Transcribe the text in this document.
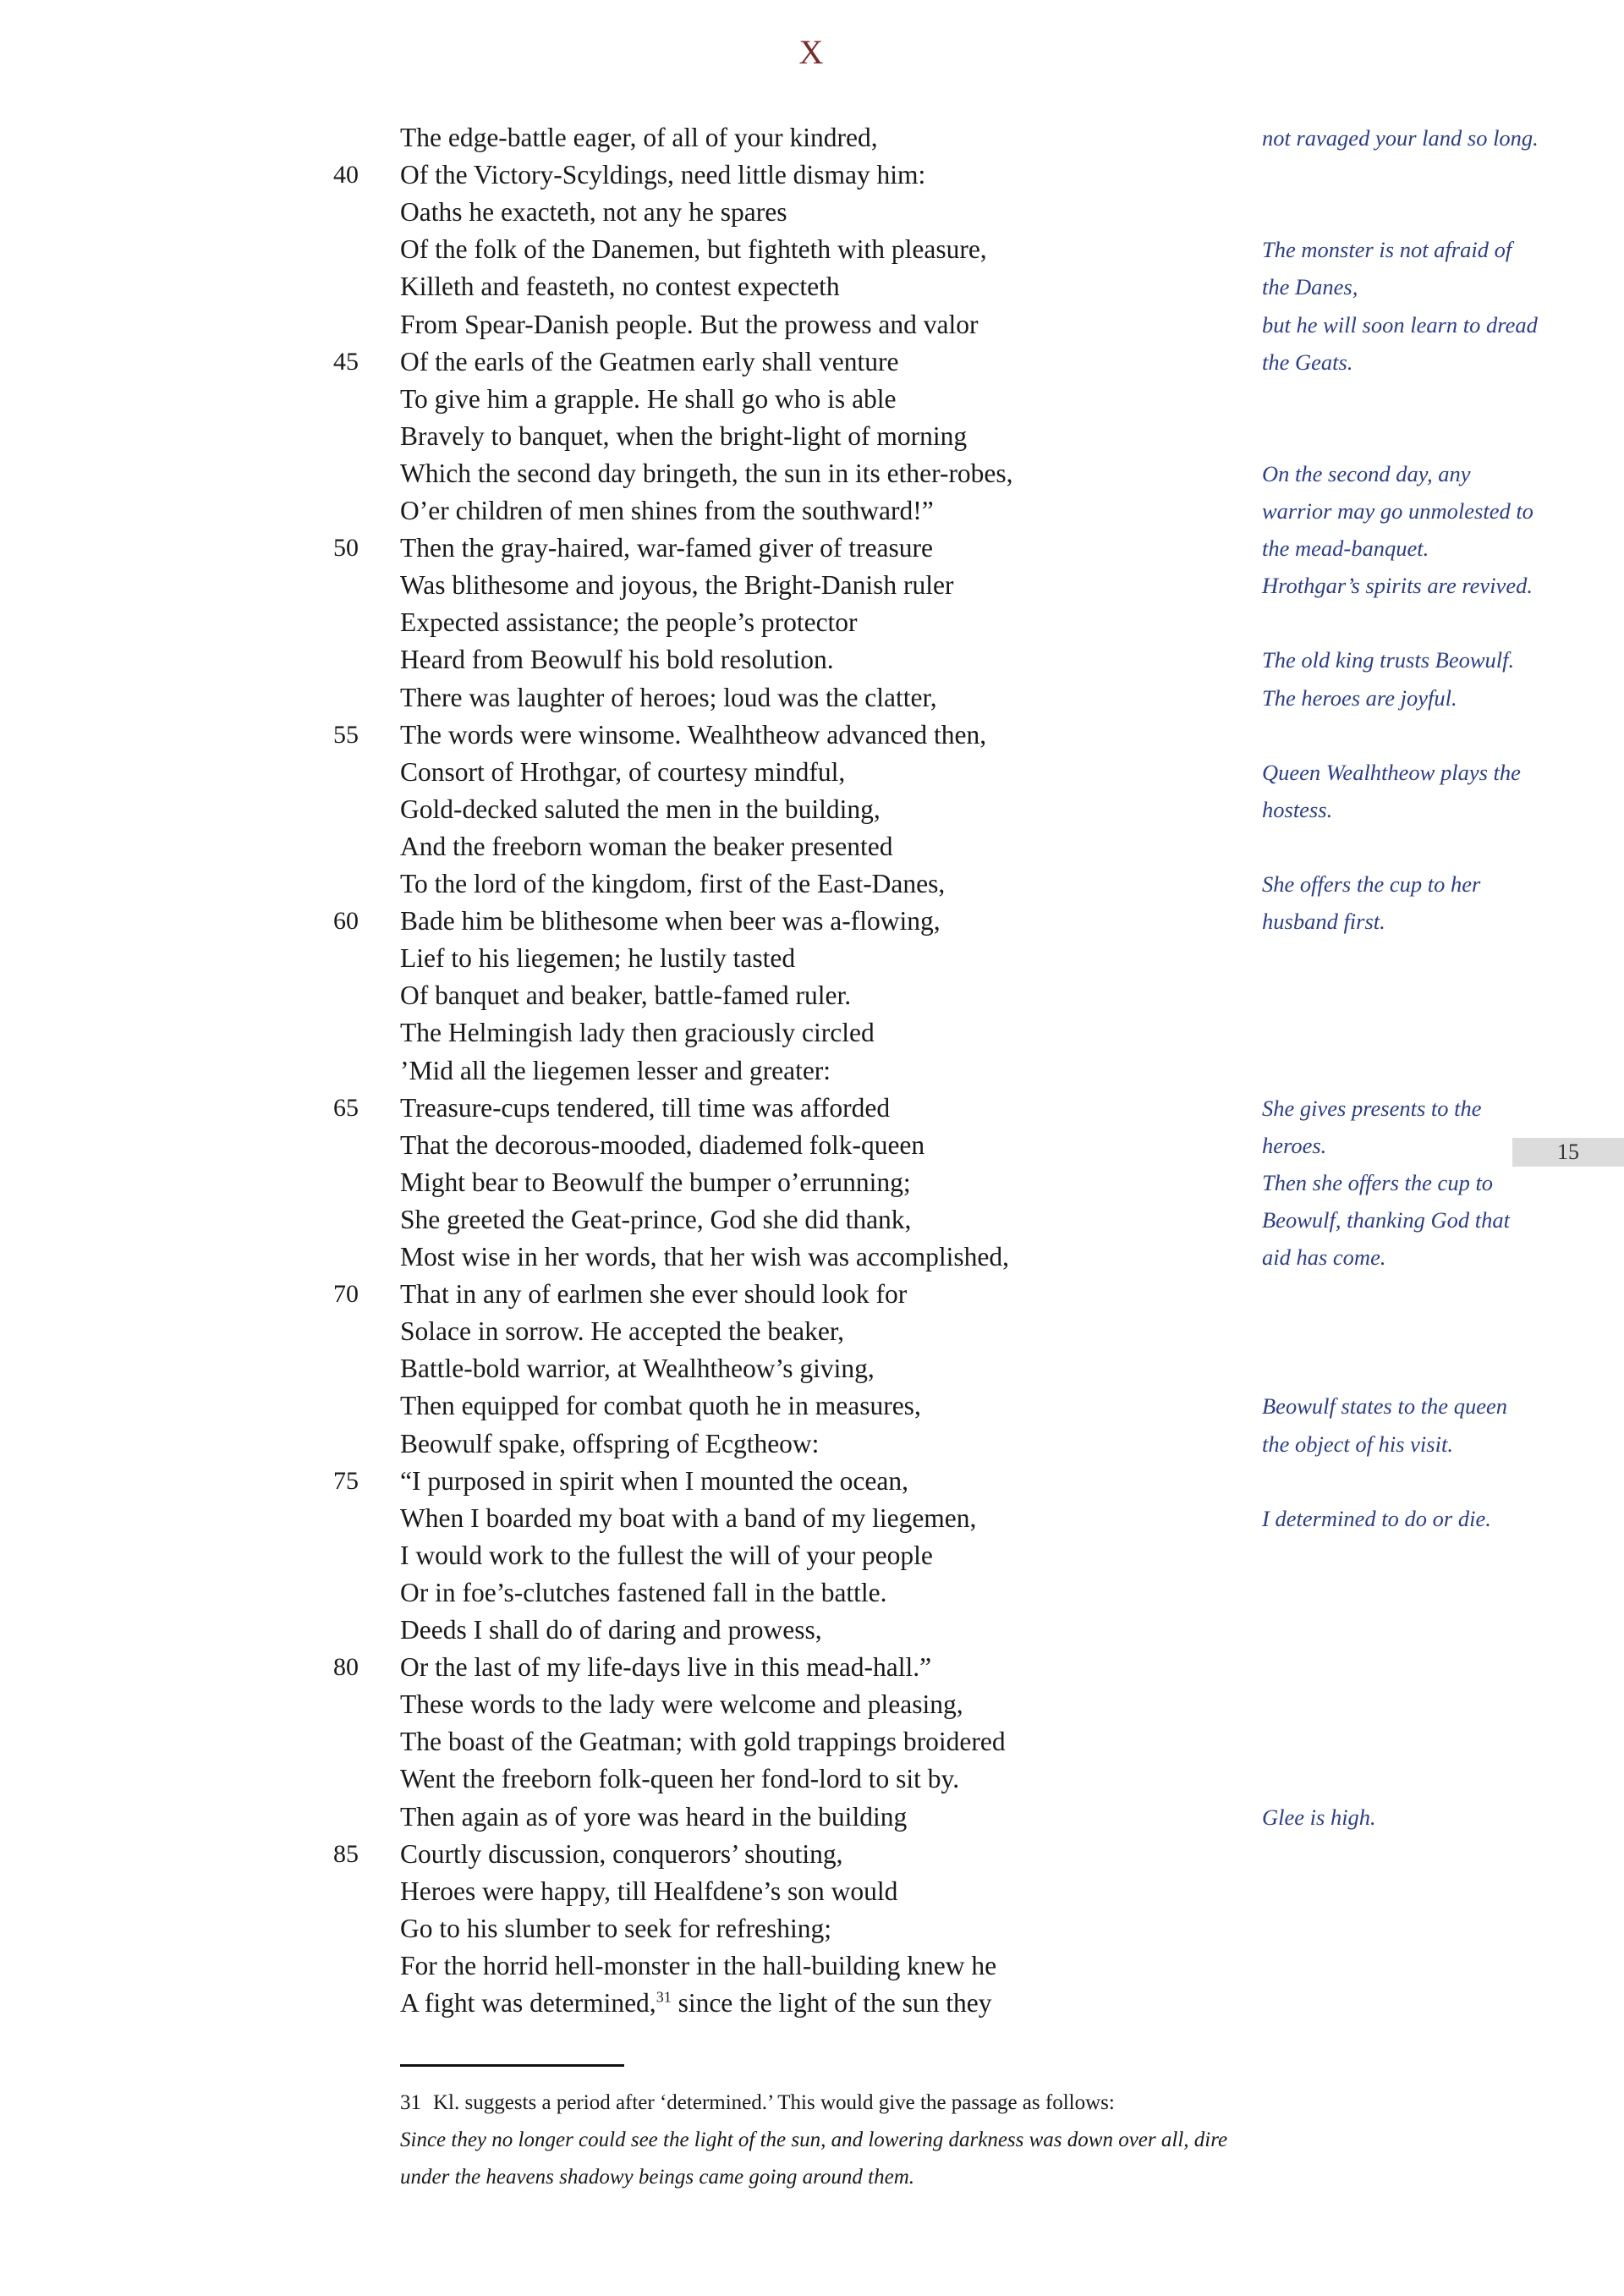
X
The edge-battle eager, of all of your kindred,
Of the Victory-Scyldings, need little dismay him:
40
Oaths he exacteth, not any he spares
Of the folk of the Danemen, but fighteth with pleasure,
Killeth and feasteth, no contest expecteth
From Spear-Danish people. But the prowess and valor
Of the earls of the Geatmen early shall venture
45
To give him a grapple. He shall go who is able
Bravely to banquet, when the bright-light of morning
Which the second day bringeth, the sun in its ether-robes,
O’er children of men shines from the southward!”
Then the gray-haired, war-famed giver of treasure
50
Was blithesome and joyous, the Bright-Danish ruler
Expected assistance; the people’s protector
Heard from Beowulf his bold resolution.
There was laughter of heroes; loud was the clatter,
The words were winsome. Wealhtheow advanced then,
55
Consort of Hrothgar, of courtesy mindful,
Gold-decked saluted the men in the building,
And the freeborn woman the beaker presented
To the lord of the kingdom, first of the East-Danes,
Bade him be blithesome when beer was a-flowing,
60
Lief to his liegemen; he lustily tasted
Of banquet and beaker, battle-famed ruler.
The Helmingish lady then graciously circled
’Mid all the liegemen lesser and greater:
Treasure-cups tendered, till time was afforded
65
That the decorous-mooded, diademed folk-queen
Might bear to Beowulf the bumper o’errunning;
She greeted the Geat-prince, God she did thank,
Most wise in her words, that her wish was accomplished,
That in any of earlmen she ever should look for
70
Solace in sorrow. He accepted the beaker,
Battle-bold warrior, at Wealhtheow’s giving,
Then equipped for combat quoth he in measures,
Beowulf spake, offspring of Ecgtheow:
“I purposed in spirit when I mounted the ocean,
75
When I boarded my boat with a band of my liegemen,
I would work to the fullest the will of your people
Or in foe’s-clutches fastened fall in the battle.
Deeds I shall do of daring and prowess,
Or the last of my life-days live in this mead-hall.”
80
These words to the lady were welcome and pleasing,
The boast of the Geatman; with gold trappings broidered
Went the freeborn folk-queen her fond-lord to sit by.
Then again as of yore was heard in the building
Courtly discussion, conquerors’ shouting,
85
Heroes were happy, till Healfdene’s son would
Go to his slumber to seek for refreshing;
For the horrid hell-monster in the hall-building knew he
A fight was determined,$^{31}$ since the light of the sun they
not ravaged your land so long.
The monster is not afraid of
the Danes,
but he will soon learn to dread
the Geats.
On the second day, any
warrior may go unmolested to
the mead-banquet.
Hrothgar’s spirits are revived.
The old king trusts Beowulf.
The heroes are joyful.
Queen Wealhtheow plays the
hostess.
She offers the cup to her
husband first.
She gives presents to the
heroes.
Then she offers the cup to
Beowulf, thanking God that
aid has come.
Beowulf states to the queen
the object of his visit.
I determined to do or die.
Glee is high.
15
31 Kl. suggests a period after ‘determined.’ This would give the passage as follows:
Since they no longer could see the light of the sun, and lowering darkness was down over all, dire
under the heavens shadowy beings came going around them.
